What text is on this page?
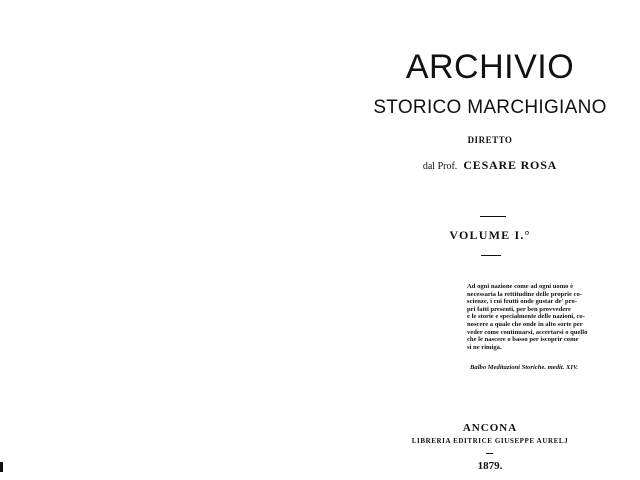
ARCHIVIO
STORICO MARCHIGIANO
DIRETTO
dal Prof. CESARE ROSA
VOLUME I.°
Ad ogni nazione come ad ogni uomo è
necessaria la rettitudine delle proprie co-
scienze, i cui frutti onde gustar de' pro-
pri fatti presenti, per ben provvedere
e le storie e specialmente delle nazioni, co-
noscere a quale che onde in alto sorte per
veder come continuarsi, accertarsi o quello
che le nascere o basso per iscoprir come
si ne rimiga.
Balbo Meditazioni Storiche. medit. XIV.
ANCONA
LIBRERIA EDITRICE GIUSEPPE AURELJ
1879.
